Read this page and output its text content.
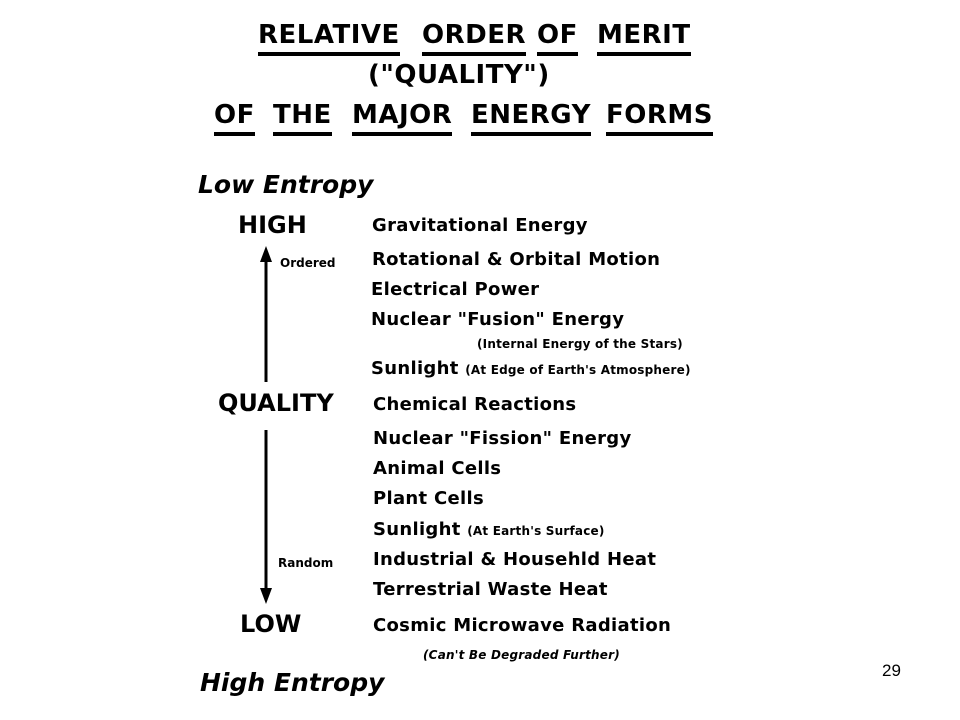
RELATIVE ORDER OF MERIT
("QUALITY")
OF THE MAJOR ENERGY FORMS
Low Entropy
High Entropy
HIGH
QUALITY
LOW
Ordered
Random
Gravitational Energy
Rotational & Orbital Motion
Electrical Power
Nuclear "Fusion" Energy
(Internal Energy of the Stars)
Sunlight (At Edge of Earth's Atmosphere)
Chemical Reactions
Nuclear "Fission" Energy
Animal Cells
Plant Cells
Sunlight (At Earth's Surface)
Industrial & Househld Heat
Terrestrial Waste Heat
Cosmic Microwave Radiation
(Can't Be Degraded Further)
29
